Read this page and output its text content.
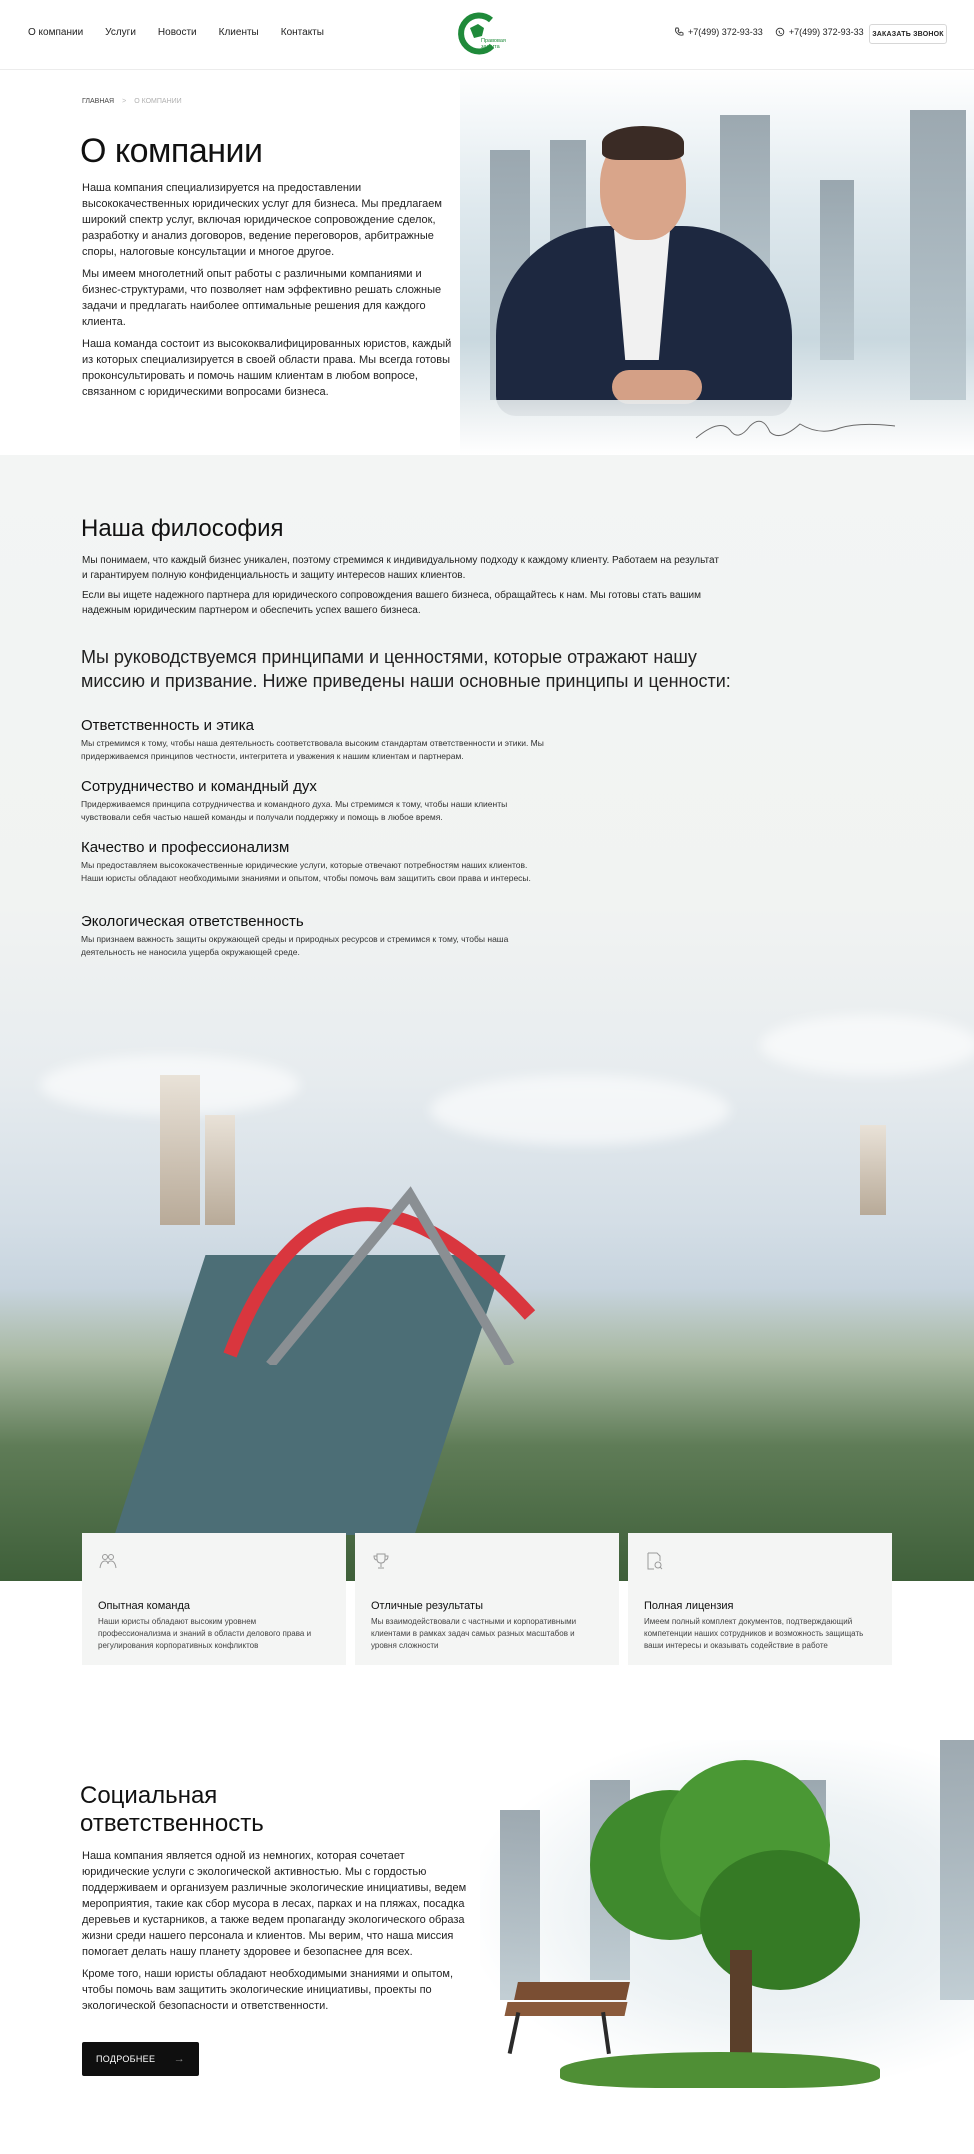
О компании Услуги Новости Клиенты Контакты
Правовая защита
+7(499) 372-93-33	+7(499) 372-93-33	ЗАКАЗАТЬ ЗВОНОК
ГЛАВНАЯ > О КОМПАНИИ
О компании

Наша компания специализируется на предоставлении высококачественных юридических услуг для бизнеса. Мы предлагаем широкий спектр услуг, включая юридическое сопровождение сделок, разработку и анализ договоров, ведение переговоров, арбитражные споры, налоговые консультации и многое другое.

Мы имеем многолетний опыт работы с различными компаниями и бизнес-структурами, что позволяет нам эффективно решать сложные задачи и предлагать наиболее оптимальные решения для каждого клиента.

Наша команда состоит из высококвалифицированных юристов, каждый из которых специализируется в своей области права. Мы всегда готовы проконсультировать и помочь нашим клиентам в любом вопросе, связанном с юридическими вопросами бизнеса.

Наша философия

Мы понимаем, что каждый бизнес уникален, поэтому стремимся к индивидуальному подходу к каждому клиенту. Работаем на результат и гарантируем полную конфиденциальность и защиту интересов наших клиентов.

Если вы ищете надежного партнера для юридического сопровождения вашего бизнеса, обращайтесь к нам. Мы готовы стать вашим надежным юридическим партнером и обеспечить успех вашего бизнеса.

Мы руководствуемся принципами и ценностями, которые отражают нашу миссию и призвание. Ниже приведены наши основные принципы и ценности:

Ответственность и этика

Мы стремимся к тому, чтобы наша деятельность соответствовала высоким стандартам ответственности и этики. Мы придерживаемся принципов честности, интегритета и уважения к нашим клиентам и партнерам.

Сотрудничество и командный дух

Придерживаемся принципа сотрудничества и командного духа. Мы стремимся к тому, чтобы наши клиенты чувствовали себя частью нашей команды и получали поддержку и помощь в любое время.

Качество и профессионализм

Мы предоставляем высококачественные юридические услуги, которые отвечают потребностям наших клиентов. Наши юристы обладают необходимыми знаниями и опытом, чтобы помочь вам защитить свои права и интересы.

Экологическая ответственность

Мы признаем важность защиты окружающей среды и природных ресурсов и стремимся к тому, чтобы наша деятельность не наносила ущерба окружающей среде.

Опытная команда

Наши юристы обладают высоким уровнем профессионализма и знаний в области делового права и регулирования корпоративных конфликтов

Отличные результаты

Мы взаимодействовали с частными и корпоративными клиентами в рамках задач самых разных масштабов и уровня сложности

Полная лицензия

Имеем полный комплект документов, подтверждающий компетенции наших сотрудников и возможность защищать ваши интересы и оказывать содействие в работе

Социальная ответственность

Наша компания является одной из немногих, которая сочетает юридические услуги с экологической активностью. Мы с гордостью поддерживаем и организуем различные экологические инициативы, ведем мероприятия, такие как сбор мусора в лесах, парках и на пляжах, посадка деревьев и кустарников, а также ведем пропаганду экологического образа жизни среди нашего персонала и клиентов. Мы верим, что наша миссия помогает делать нашу планету здоровее и безопаснее для всех.

Кроме того, наши юристы обладают необходимыми знаниями и опытом, чтобы помочь вам защитить экологические инициативы, проекты по экологической безопасности и ответственности.

ПОДРОБНЕЕ →
